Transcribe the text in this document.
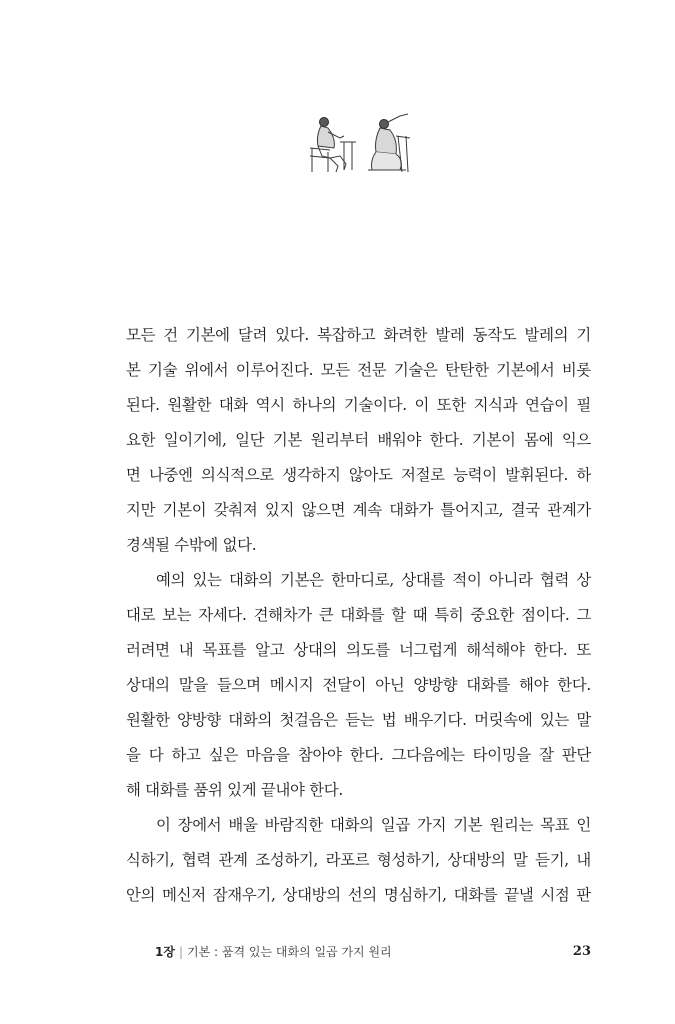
모든 건 기본에 달려 있다. 복잡하고 화려한 발레 동작도 발레의 기
본 기술 위에서 이루어진다. 모든 전문 기술은 탄탄한 기본에서 비롯
된다. 원활한 대화 역시 하나의 기술이다. 이 또한 지식과 연습이 필
요한 일이기에, 일단 기본 원리부터 배워야 한다. 기본이 몸에 익으
면 나중엔 의식적으로 생각하지 않아도 저절로 능력이 발휘된다. 하
지만 기본이 갖춰져 있지 않으면 계속 대화가 틀어지고, 결국 관계가
경색될 수밖에 없다.
예의 있는 대화의 기본은 한마디로, 상대를 적이 아니라 협력 상
대로 보는 자세다. 견해차가 큰 대화를 할 때 특히 중요한 점이다. 그
러려면 내 목표를 알고 상대의 의도를 너그럽게 해석해야 한다. 또
상대의 말을 들으며 메시지 전달이 아닌 양방향 대화를 해야 한다.
원활한 양방향 대화의 첫걸음은 듣는 법 배우기다. 머릿속에 있는 말
을 다 하고 싶은 마음을 참아야 한다. 그다음에는 타이밍을 잘 판단
해 대화를 품위 있게 끝내야 한다.
이 장에서 배울 바람직한 대화의 일곱 가지 기본 원리는 목표 인
식하기, 협력 관계 조성하기, 라포르 형성하기, 상대방의 말 듣기, 내
안의 메신저 잠재우기, 상대방의 선의 명심하기, 대화를 끝낼 시점 판
1장 | 기본 : 품격 있는 대화의 일곱 가지 원리	23
